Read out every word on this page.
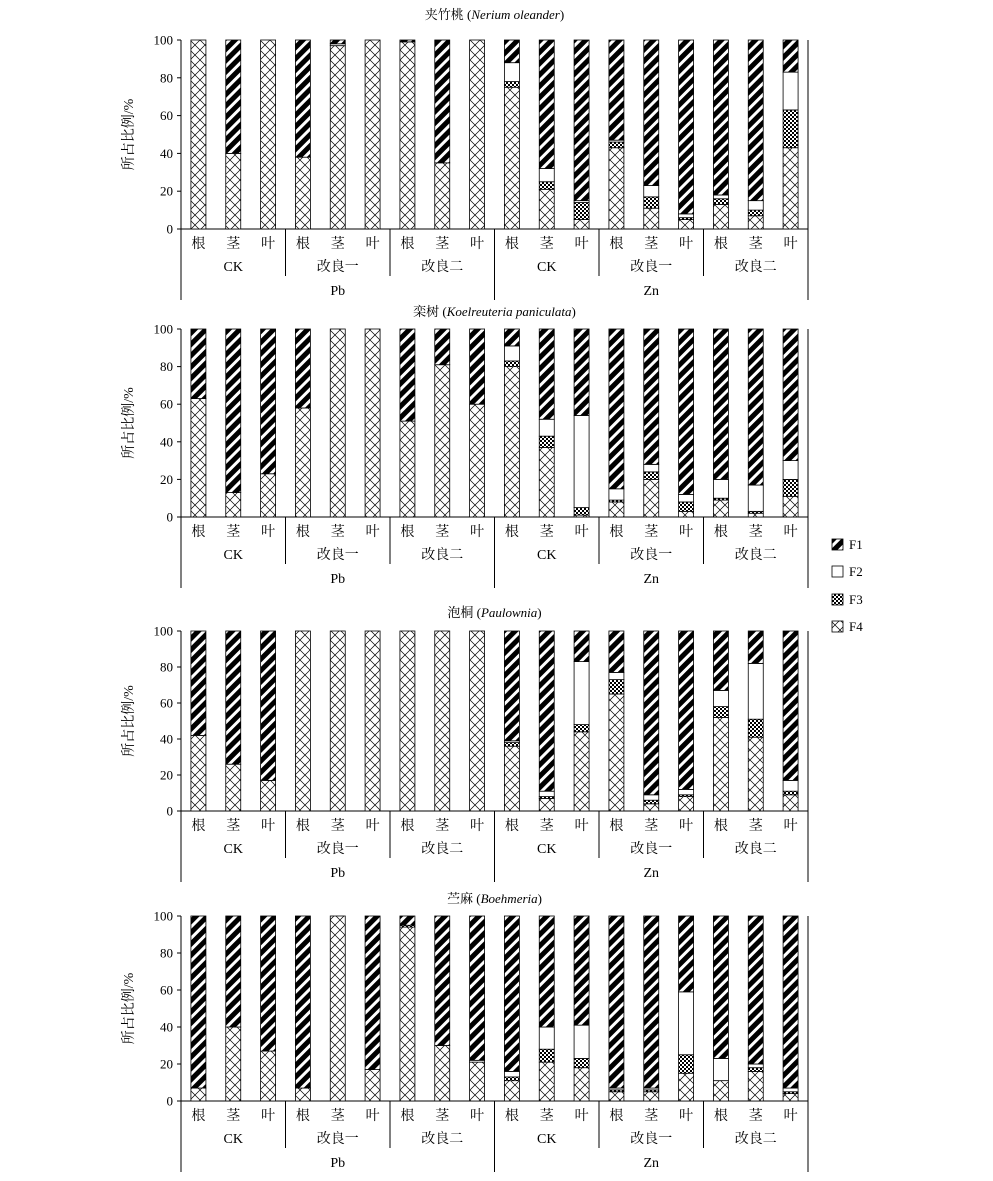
夹竹桃 (Nerium oleander)
所占比例/%
0
20
40
60
80
100
根 茎 叶 根 茎 叶 根 茎 叶 根 茎 叶 根 茎 叶 根 茎 叶
CK	改良一	改良二	CK	改良一	改良二
Pb	Zn
栾树 (Koelreuteria paniculata)
所占比例/%
0
20
40
60
80
100
根 茎 叶 根 茎 叶 根 茎 叶 根 茎 叶 根 茎 叶 根 茎 叶
CK	改良一	改良二	CK	改良一	改良二
Pb	Zn
泡桐 (Paulownia)
所占比例/%
0
20
40
60
80
100
根 茎 叶 根 茎 叶 根 茎 叶 根 茎 叶 根 茎 叶 根 茎 叶
CK	改良一	改良二	CK	改良一	改良二
Pb	Zn
苎麻 (Boehmeria)
所占比例/%
0
20
40
60
80
100
根 茎 叶 根 茎 叶 根 茎 叶 根 茎 叶 根 茎 叶 根 茎 叶
CK	改良一	改良二	CK	改良一	改良二
Pb	Zn
F1
F2
F3
F4
